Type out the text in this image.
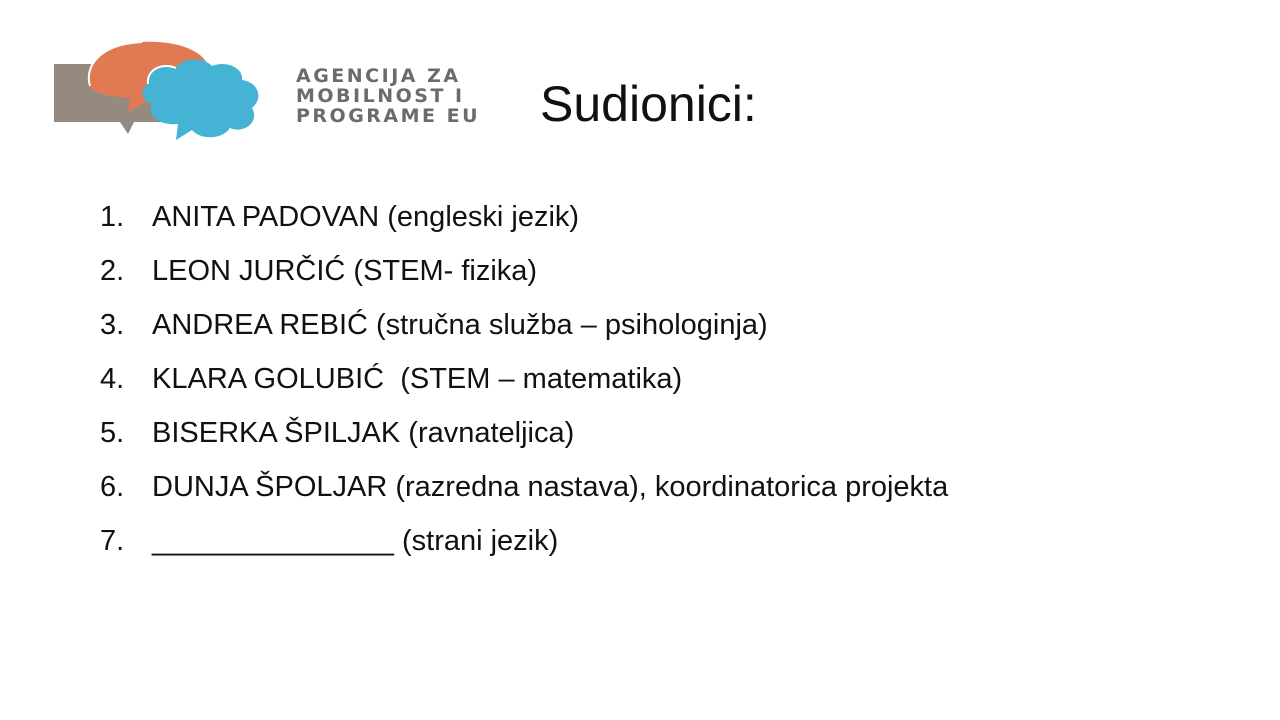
AGENCIJA ZA
MOBILNOST I
PROGRAME EU	Sudionici:
1. ANITA PADOVAN (engleski jezik)
2. LEON JURČIĆ (STEM- fizika)
3. ANDREA REBIĆ (stručna služba – psihologinja)
4. KLARA GOLUBIĆ  (STEM – matematika)
5. BISERKA ŠPILJAK (ravnateljica)
6. DUNJA ŠPOLJAR (razredna nastava), koordinatorica projekta
7. _______________ (strani jezik)
